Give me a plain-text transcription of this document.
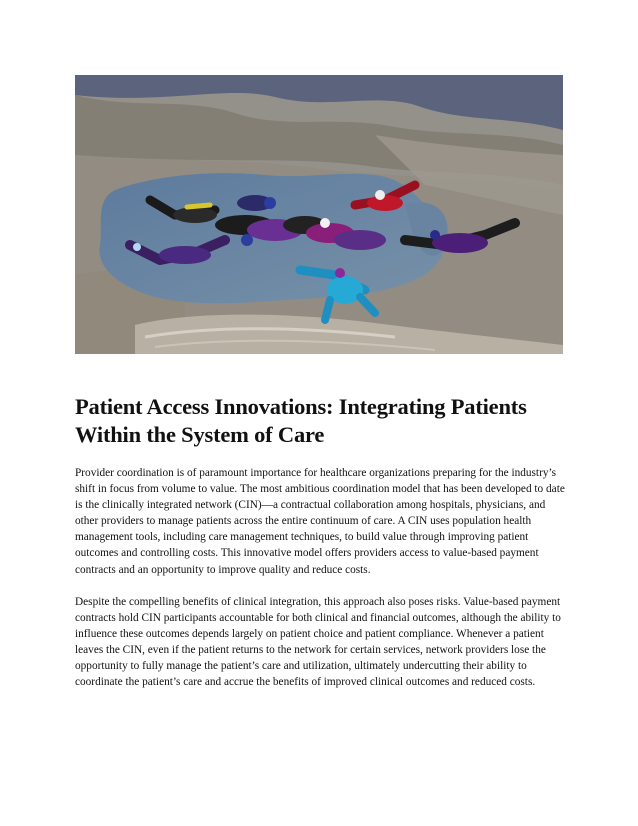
Patient Access Innovations: Integrating Patients Within the System of Care

Provider coordination is of paramount importance for healthcare organizations preparing for the industry’s shift in focus from volume to value. The most ambitious coordination model that has been developed to date is the clinically integrated network (CIN)—a contractual collaboration among hospitals, physicians, and other providers to manage patients across the entire continuum of care. A CIN uses population health management tools, including care management techniques, to build value through improving patient outcomes and controlling costs. This innovative model offers providers access to value-based payment contracts and an opportunity to improve quality and reduce costs.

Despite the compelling benefits of clinical integration, this approach also poses risks. Value-based payment contracts hold CIN participants accountable for both clinical and financial outcomes, although the ability to influence these outcomes depends largely on patient choice and patient compliance. Whenever a patient leaves the CIN, even if the patient returns to the network for certain services, network providers lose the opportunity to fully manage the patient’s care and utilization, ultimately undercutting their ability to coordinate the patient’s care and accrue the benefits of improved clinical outcomes and reduced costs.
